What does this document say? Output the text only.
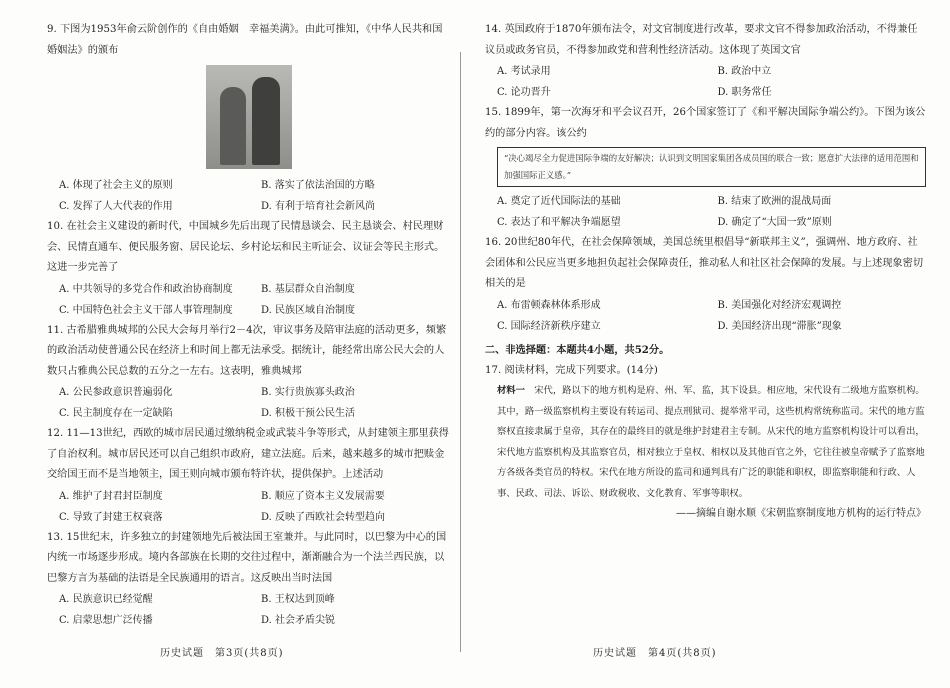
9. 下图为1953年俞云阶创作的《自由婚姻　幸福美满》。由此可推知，《中华人民共和国婚姻法》的颁布

A. 体现了社会主义的原则	B. 落实了依法治国的方略
C. 发挥了人大代表的作用	D. 有利于培育社会新风尚

10. 在社会主义建设的新时代，中国城乡先后出现了民情恳谈会、民主恳谈会、村民理财会、民情直通车、便民服务窗、居民论坛、乡村论坛和民主听证会、议证会等民主形式。这进一步完善了

A. 中共领导的多党合作和政治协商制度	B. 基层群众自治制度
C. 中国特色社会主义干部人事管理制度	D. 民族区域自治制度

11. 古希腊雅典城邦的公民大会每月举行2－4次，审议事务及陪审法庭的活动更多，频繁的政治活动使普通公民在经济上和时间上都无法承受。据统计，能经常出席公民大会的人数只占雅典公民总数的五分之一左右。这表明，雅典城邦

A. 公民参政意识普遍弱化	B. 实行贵族寡头政治
C. 民主制度存在一定缺陷	D. 积极干预公民生活

12. 11—13世纪，西欧的城市居民通过缴纳税金或武装斗争等形式，从封建领主那里获得了自治权利。城市居民还可以自己组织市政府，建立法庭。后来，越来越多的城市把赎金交给国王而不是当地领主，国王则向城市颁布特许状，提供保护。上述活动

A. 维护了封君封臣制度	B. 顺应了资本主义发展需要
C. 导致了封建王权衰落	D. 反映了西欧社会转型趋向

13. 15世纪末，许多独立的封建领地先后被法国王室兼并。与此同时，以巴黎为中心的国内统一市场逐步形成。境内各部族在长期的交往过程中，渐渐融合为一个法兰西民族，以巴黎方言为基础的法语是全民族通用的语言。这反映出当时法国

A. 民族意识已经觉醒	B. 王权达到顶峰
C. 启蒙思想广泛传播	D. 社会矛盾尖锐
历史试题　第3页(共8页)

14. 英国政府于1870年颁布法令，对文官制度进行改革，要求文官不得参加政治活动，不得兼任议员或政务官员，不得参加政党和营利性经济活动。这体现了英国文官

A. 考试录用	B. 政治中立
C. 论功晋升	D. 职务常任

15. 1899年，第一次海牙和平会议召开，26个国家签订了《和平解决国际争端公约》。下图为该公约的部分内容。该公约

“决心竭尽全力促进国际争端的友好解决；认识到文明国家集团各成员国的联合一致；愿意扩大法律的适用范围和加强国际正义感。”
A. 奠定了近代国际法的基础	B. 结束了欧洲的混战局面
C. 表达了和平解决争端愿望	D. 确定了“大国一致”原则

16. 20世纪80年代，在社会保障领域，美国总统里根倡导“新联邦主义”，强调州、地方政府、社会团体和公民应当更多地担负起社会保障责任，推动私人和社区社会保障的发展。与上述现象密切相关的是

A. 布雷顿森林体系形成	B. 美国强化对经济宏观调控
C. 国际经济新秩序建立	D. 美国经济出现“滞胀”现象
二、非选择题：本题共4小题，共52分。

17. 阅读材料，完成下列要求。(14分)

材料一　 宋代，路以下的地方机构是府、州、军、监，其下设县。相应地，宋代设有二级地方监察机构。其中，路一级监察机构主要设有转运司、提点刑狱司、提举常平司，这些机构常统称监司。宋代的地方监察权直接隶属于皇帝，其存在的最终目的就是维护封建君主专制。从宋代的地方监察机构设计可以看出，宋代地方监察机构及其监察官员，相对独立于皇权、相权以及其他百官之外，它往往被皇帝赋予了监察地方各级各类官员的特权。宋代在地方所设的监司和通判具有广泛的职能和职权，即监察职能和行政、人事、民政、司法、诉讼、财政税收、文化教育、军事等职权。
——摘编自谢水顺《宋朝监察制度地方机构的运行特点》
历史试题　第4页(共8页)
